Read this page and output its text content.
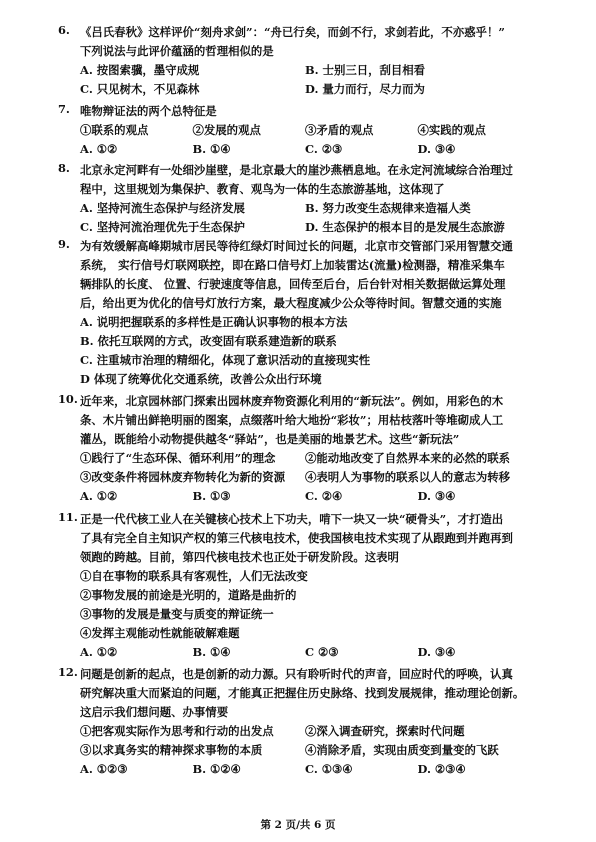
6. 《吕氏春秋》这样评价“刻舟求剑”：“舟已行矣，而剑不行，求剑若此，不亦惑乎！”
下列说法与此评价蕴涵的哲理相似的是
A. 按图索骥，墨守成规	B. 士别三日，刮目相看
C. 只见树木，不见森林	D. 量力而行，尽力而为
7. 唯物辩证法的两个总特征是
①联系的观点	②发展的观点	③矛盾的观点	④实践的观点
A. ①②	B. ①④	C. ②③	D. ③④
8. 北京永定河畔有一处细沙崖壁，是北京最大的崖沙燕栖息地。在永定河流域综合治理过
程中，这里规划为集保护、教育、观鸟为一体的生态旅游基地，这体现了
A. 坚持河流生态保护与经济发展	B. 努力改变生态规律来造福人类
C. 坚持河流治理优先于生态保护	D. 生态保护的根本目的是发展生态旅游
9. 为有效缓解高峰期城市居民等待红绿灯时间过长的问题，北京市交管部门采用智慧交通
系统， 实行信号灯联网联控，即在路口信号灯上加装雷达(流量)检测器，精准采集车
辆排队的长度、 位置、行驶速度等信息，回传至后台，后台针对相关数据做运算处理
后，给出更为优化的信号灯放行方案，最大程度减少公众等待时间。智慧交通的实施
A. 说明把握联系的多样性是正确认识事物的根本方法
B. 依托互联网的方式，改变固有联系建造新的联系
C. 注重城市治理的精细化，体现了意识活动的直接现实性
D 体现了统筹优化交通系统，改善公众出行环境
10. 近年来，北京园林部门探索出园林废弃物资源化利用的“新玩法”。例如，用彩色的木
条、木片铺出鲜艳明丽的图案，点缀落叶给大地扮“彩妆”；用枯枝落叶等堆砌成人工
灌丛，既能给小动物提供越冬“驿站”，也是美丽的地景艺术。这些“新玩法”
①践行了“生态环保、循环利用”的理念	②能动地改变了自然界本来的必然的联系
③改变条件将园林废弃物转化为新的资源	④表明人为事物的联系以人的意志为转移
A. ①②	B. ①③	C. ②④	D. ③④
11. 正是一代代核工业人在关键核心技术上下功夫，啃下一块又一块“硬骨头”，才打造出
了具有完全自主知识产权的第三代核电技术，使我国核电技术实现了从跟跑到并跑再到
领跑的跨越。目前，第四代核电技术也正处于研发阶段。这表明
①自在事物的联系具有客观性，人们无法改变
②事物发展的前途是光明的，道路是曲折的
③事物的发展是量变与质变的辩证统一
④发挥主观能动性就能破解难题
A. ①②	B. ①④	C ②③	D. ③④
12. 问题是创新的起点，也是创新的动力源。只有聆听时代的声音，回应时代的呼唤，认真
研究解决重大而紧迫的问题，才能真正把握住历史脉络、找到发展规律，推动理论创新。
这启示我们想问题、办事情要
①把客观实际作为思考和行动的出发点	②深入调查研究，探索时代问题
③以求真务实的精神探求事物的本质	④消除矛盾，实现由质变到量变的飞跃
A. ①②③	B. ①②④	C. ①③④	D. ②③④
第 2 页/共 6 页
